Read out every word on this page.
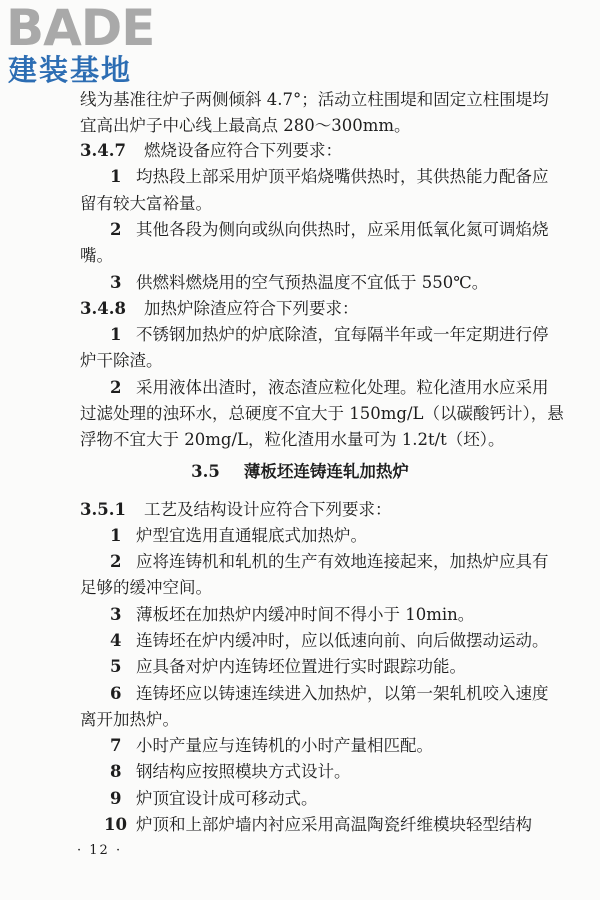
BADE
建装基地
线为基准往炉子两侧倾斜 4.7°；活动立柱围堤和固定立柱围堤均
宜高出炉子中心线上最高点 280～300mm。
3.4.7 燃烧设备应符合下列要求：
1 均热段上部采用炉顶平焰烧嘴供热时，其供热能力配备应
留有较大富裕量。
2 其他各段为侧向或纵向供热时，应采用低氧化氮可调焰烧
嘴。
3 供燃料燃烧用的空气预热温度不宜低于 550℃。
3.4.8 加热炉除渣应符合下列要求：
1 不锈钢加热炉的炉底除渣，宜每隔半年或一年定期进行停
炉干除渣。
2 采用液体出渣时，液态渣应粒化处理。粒化渣用水应采用
过滤处理的浊环水，总硬度不宜大于 150mg/L（以碳酸钙计），悬
浮物不宜大于 20mg/L，粒化渣用水量可为 1.2t/t（坯）。
3.5 薄板坯连铸连轧加热炉
3.5.1 工艺及结构设计应符合下列要求：
1 炉型宜选用直通辊底式加热炉。
2 应将连铸机和轧机的生产有效地连接起来，加热炉应具有
足够的缓冲空间。
3 薄板坯在加热炉内缓冲时间不得小于 10min。
4 连铸坯在炉内缓冲时，应以低速向前、向后做摆动运动。
5 应具备对炉内连铸坯位置进行实时跟踪功能。
6 连铸坯应以铸速连续进入加热炉，以第一架轧机咬入速度
离开加热炉。
7 小时产量应与连铸机的小时产量相匹配。
8 钢结构应按照模块方式设计。
9 炉顶宜设计成可移动式。
10 炉顶和上部炉墙内衬应采用高温陶瓷纤维模块轻型结构
· 12 ·
